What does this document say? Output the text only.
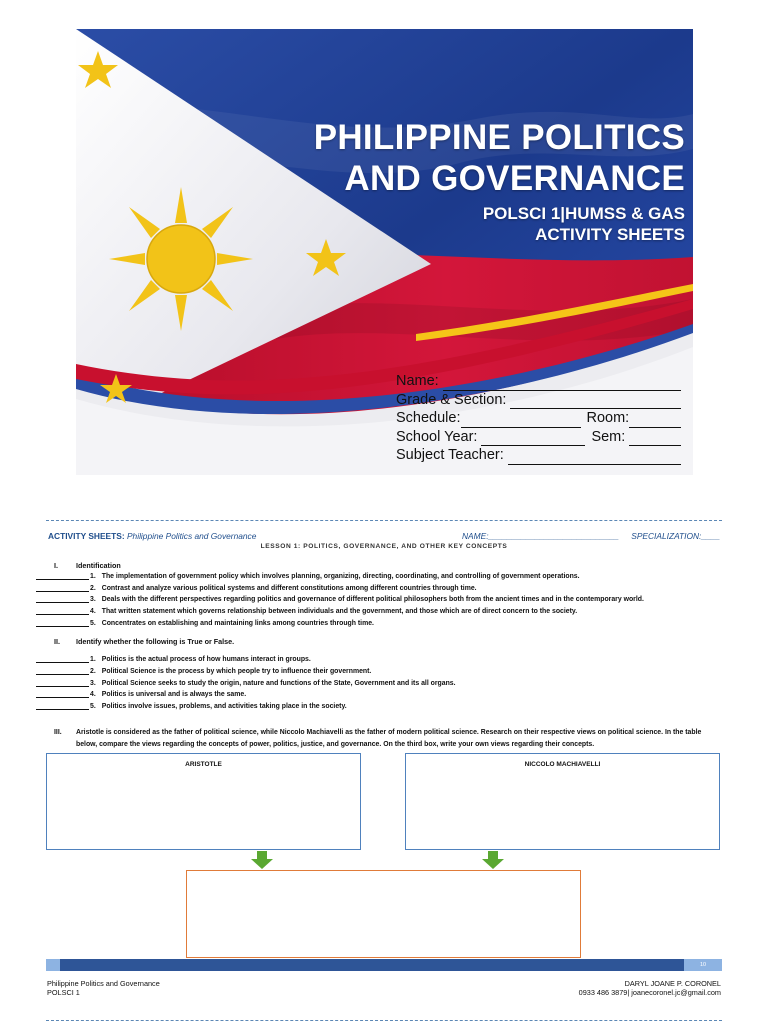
PHILIPPINE POLITICS
AND GOVERNANCE
POLSCI 1|HUMSS & GAS
ACTIVITY SHEETS
Name:
Grade & Section:
Schedule:	Room:
School Year:	Sem:
Subject Teacher:
ACTIVITY SHEETS: Philippine Politics and Governance	NAME:____________________________ SPECIALIZATION:____
LESSON 1: POLITICS, GOVERNANCE, AND OTHER KEY CONCEPTS
I.	Identification
1. The implementation of government policy which involves planning, organizing, directing, coordinating, and controlling of government operations.
2. Contrast and analyze various political systems and different constitutions among different countries through time.
3. Deals with the different perspectives regarding politics and governance of different political philosophers both from the ancient times and in the contemporary world.
4. That written statement which governs relationship between individuals and the government, and those which are of direct concern to the society.
5. Concentrates on establishing and maintaining links among countries through time.
II. Identify whether the following is True or False.
1. Politics is the actual process of how humans interact in groups.
2. Political Science is the process by which people try to influence their government.
3. Political Science seeks to study the origin, nature and functions of the State, Government and its all organs.
4. Politics is universal and is always the same.
5. Politics involve issues, problems, and activities taking place in the society.
III. Aristotle is considered as the father of political science, while Niccolo Machiavelli as the father of modern political science. Research on their respective views on political science. In the table below, compare the views regarding the concepts of power, politics, justice, and governance. On the third box, write your own views regarding their concepts.
ARISTOTLE	NICCOLO MACHIAVELLI
10
Philippine Politics and Governance
POLSCI 1
DARYL JOANE P. CORONEL
0933 486 3879| joanecoronel.jc@gmail.com
